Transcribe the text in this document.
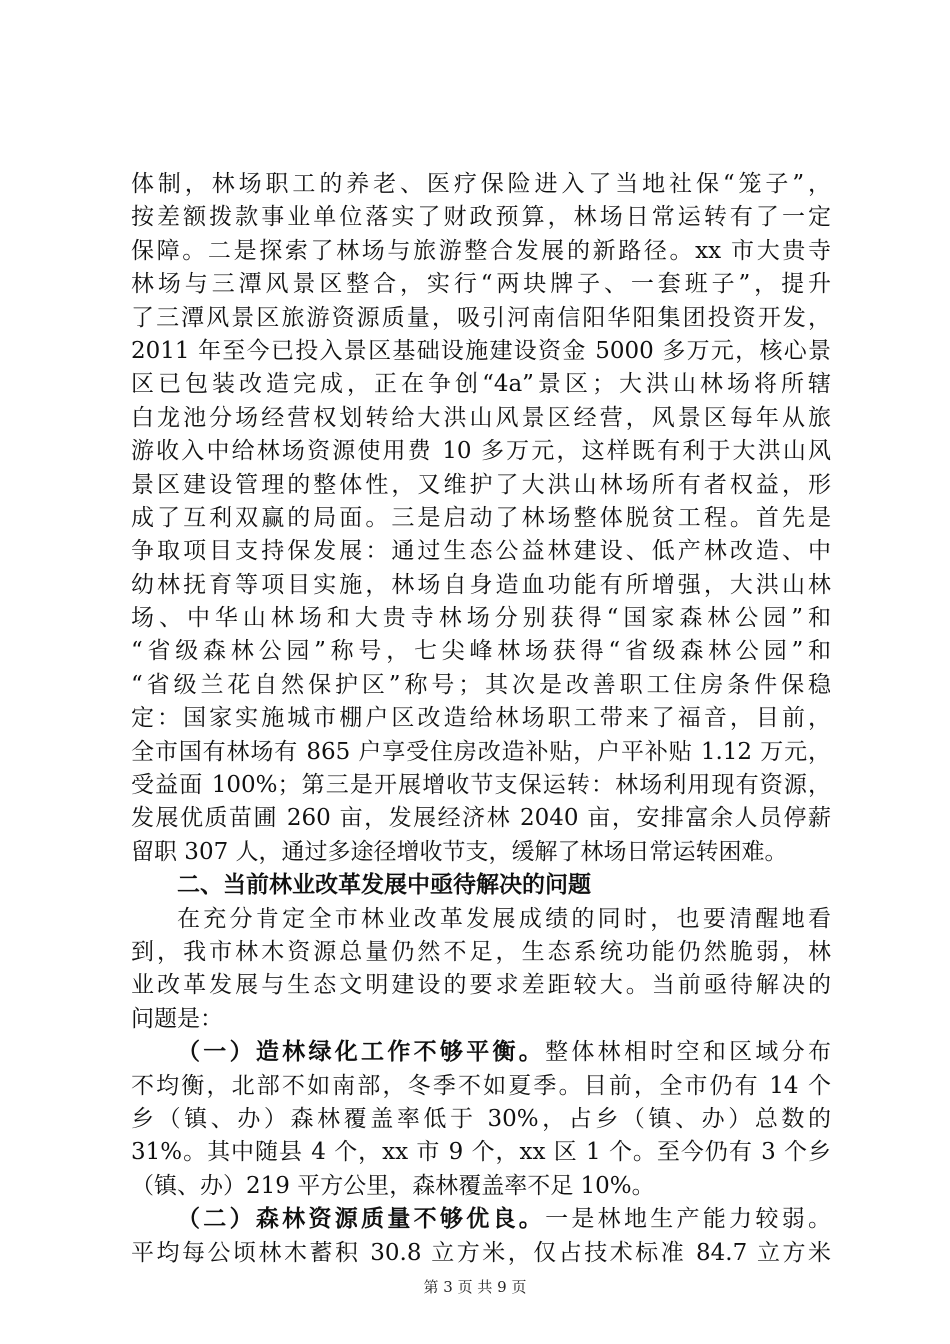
体制，林场职工的养老、医疗保险进入了当地社保“笼子”，
按差额拨款事业单位落实了财政预算，林场日常运转有了一定
保障。二是探索了林场与旅游整合发展的新路径。xx 市大贵寺
林场与三潭风景区整合，实行“两块牌子、一套班子”，提升
了三潭风景区旅游资源质量，吸引河南信阳华阳集团投资开发，
2011 年至今已投入景区基础设施建设资金 5000 多万元，核心景
区已包装改造完成，正在争创“4a”景区；大洪山林场将所辖
白龙池分场经营权划转给大洪山风景区经营，风景区每年从旅
游收入中给林场资源使用费 10 多万元，这样既有利于大洪山风
景区建设管理的整体性，又维护了大洪山林场所有者权益，形
成了互利双赢的局面。三是启动了林场整体脱贫工程。首先是
争取项目支持保发展：通过生态公益林建设、低产林改造、中
幼林抚育等项目实施，林场自身造血功能有所增强，大洪山林
场、中华山林场和大贵寺林场分别获得“国家森林公园”和
“省级森林公园”称号，七尖峰林场获得“省级森林公园”和
“省级兰花自然保护区”称号；其次是改善职工住房条件保稳
定：国家实施城市棚户区改造给林场职工带来了福音，目前，
全市国有林场有 865 户享受住房改造补贴，户平补贴 1.12 万元，
受益面 100%；第三是开展增收节支保运转：林场利用现有资源，
发展优质苗圃 260 亩，发展经济林 2040 亩，安排富余人员停薪
留职 307 人，通过多途径增收节支，缓解了林场日常运转困难。
二、当前林业改革发展中亟待解决的问题
在充分肯定全市林业改革发展成绩的同时，也要清醒地看
到，我市林木资源总量仍然不足，生态系统功能仍然脆弱，林
业改革发展与生态文明建设的要求差距较大。当前亟待解决的
问题是：
（一）造林绿化工作不够平衡。整体林相时空和区域分布
不均衡，北部不如南部，冬季不如夏季。目前，全市仍有 14 个
乡（镇、办）森林覆盖率低于 30%，占乡（镇、办）总数的
31%。其中随县 4 个，xx 市 9 个，xx 区 1 个。至今仍有 3 个乡
（镇、办）219 平方公里，森林覆盖率不足 10%。
（二）森林资源质量不够优良。一是林地生产能力较弱。
平均每公顷林木蓄积 30.8 立方米，仅占技术标准 84.7 立方米
第 3 页 共 9 页
